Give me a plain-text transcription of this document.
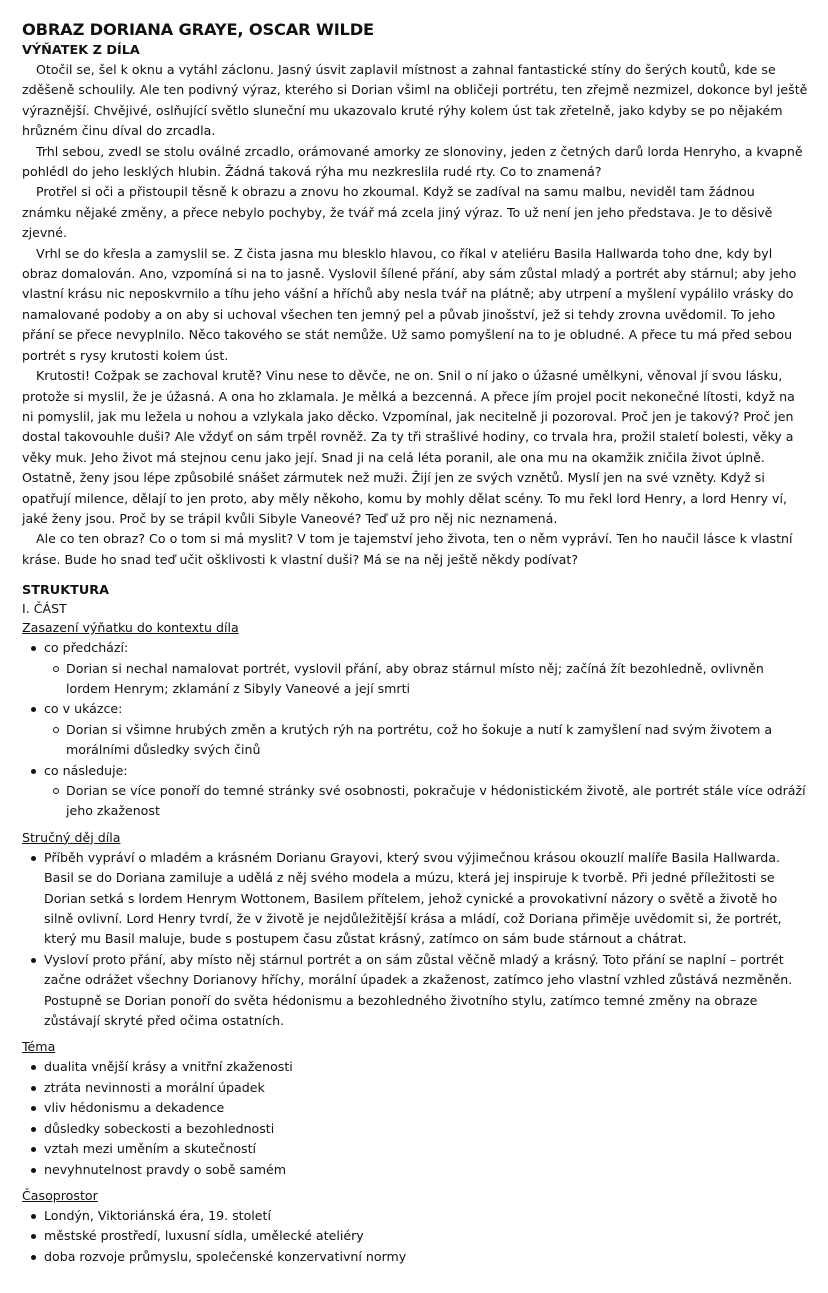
OBRAZ DORIANA GRAYE, OSCAR WILDE
VÝŇATEK Z DÍLA

Otočil se, šel k oknu a vytáhl záclonu. Jasný úsvit zaplavil místnost a zahnal fantastické stíny do šerých koutů, kde se zděšeně schoulily. Ale ten podivný výraz, kterého si Dorian všiml na obličeji portrétu, ten zřejmě nezmizel, dokonce byl ještě výraznější. Chvějivé, oslňující světlo sluneční mu ukazovalo kruté rýhy kolem úst tak zřetelně, jako kdyby se po nějakém hrůzném činu díval do zrcadla.

Trhl sebou, zvedl se stolu oválné zrcadlo, orámované amorky ze slonoviny, jeden z četných darů lorda Henryho, a kvapně pohlédl do jeho lesklých hlubin. Žádná taková rýha mu nezkreslila rudé rty. Co to znamená?

Protřel si oči a přistoupil těsně k obrazu a znovu ho zkoumal. Když se zadíval na samu malbu, neviděl tam žádnou známku nějaké změny, a přece nebylo pochyby, že tvář má zcela jiný výraz. To už není jen jeho představa. Je to děsivě zjevné.

Vrhl se do křesla a zamyslil se. Z čista jasna mu blesklo hlavou, co říkal v ateliéru Basila Hallwarda toho dne, kdy byl obraz domalován. Ano, vzpomíná si na to jasně. Vyslovil šílené přání, aby sám zůstal mladý a portrét aby stárnul; aby jeho vlastní krásu nic neposkvrnilo a tíhu jeho vášní a hříchů aby nesla tvář na plátně; aby utrpení a myšlení vypálilo vrásky do namalované podoby a on aby si uchoval všechen ten jemný pel a půvab jinošství, jež si tehdy zrovna uvědomil. To jeho přání se přece nevyplnilo. Něco takového se stát nemůže. Už samo pomyšlení na to je obludné. A přece tu má před sebou portrét s rysy krutosti kolem úst.

Krutosti! Cožpak se zachoval krutě? Vinu nese to děvče, ne on. Snil o ní jako o úžasné umělkyni, věnoval jí svou lásku, protože si myslil, že je úžasná. A ona ho zklamala. Je mělká a bezcenná. A přece jím projel pocit nekonečné lítosti, když na ni pomyslil, jak mu ležela u nohou a vzlykala jako děcko. Vzpomínal, jak necitelně ji pozoroval. Proč jen je takový? Proč jen dostal takovouhle duši? Ale vždyť on sám trpěl rovněž. Za ty tři strašlivé hodiny, co trvala hra, prožil staletí bolesti, věky a věky muk. Jeho život má stejnou cenu jako její. Snad ji na celá léta poranil, ale ona mu na okamžik zničila život úplně. Ostatně, ženy jsou lépe způsobilé snášet zármutek než muži. Žijí jen ze svých vznětů. Myslí jen na své vzněty. Když si opatřují milence, dělají to jen proto, aby měly někoho, komu by mohly dělat scény. To mu řekl lord Henry, a lord Henry ví, jaké ženy jsou. Proč by se trápil kvůli Sibyle Vaneové? Teď už pro něj nic neznamená.

Ale co ten obraz? Co o tom si má myslit? V tom je tajemství jeho života, ten o něm vypráví. Ten ho naučil lásce k vlastní kráse. Bude ho snad teď učit ošklivosti k vlastní duši? Má se na něj ještě někdy podívat?

STRUKTURA
I. ČÁST
Zasazení výňatku do kontextu díla
co předchází:
Dorian si nechal namalovat portrét, vyslovil přání, aby obraz stárnul místo něj; začíná žít bezohledně, ovlivněn lordem Henrym; zklamání z Sibyly Vaneové a její smrti
co v ukázce:
Dorian si všimne hrubých změn a krutých rýh na portrétu, což ho šokuje a nutí k zamyšlení nad svým životem a morálními důsledky svých činů
co následuje:
Dorian se více ponoří do temné stránky své osobnosti, pokračuje v hédonistickém životě, ale portrét stále více odráží jeho zkaženost
Stručný děj díla
Příběh vypráví o mladém a krásném Dorianu Grayovi, který svou výjimečnou krásou okouzlí malíře Basila Hallwarda. Basil se do Doriana zamiluje a udělá z něj svého modela a múzu, která jej inspiruje k tvorbě. Při jedné příležitosti se Dorian setká s lordem Henrym Wottonem, Basilem přítelem, jehož cynické a provokativní názory o světě a životě ho silně ovlivní. Lord Henry tvrdí, že v životě je nejdůležitější krása a mládí, což Doriana přiměje uvědomit si, že portrét, který mu Basil maluje, bude s postupem času zůstat krásný, zatímco on sám bude stárnout a chátrat.
Vysloví proto přání, aby místo něj stárnul portrét a on sám zůstal věčně mladý a krásný. Toto přání se naplní – portrét začne odrážet všechny Dorianovy hříchy, morální úpadek a zkaženost, zatímco jeho vlastní vzhled zůstává nezměněn. Postupně se Dorian ponoří do světa hédonismu a bezohledného životního stylu, zatímco temné změny na obraze zůstávají skryté před očima ostatních.
Téma
dualita vnější krásy a vnitřní zkaženosti
ztráta nevinnosti a morální úpadek
vliv hédonismu a dekadence
důsledky sobeckosti a bezohlednosti
vztah mezi uměním a skutečností
nevyhnutelnost pravdy o sobě samém
Časoprostor
Londýn, Viktoriánská éra, 19. století
městské prostředí, luxusní sídla, umělecké ateliéry
doba rozvoje průmyslu, společenské konzervativní normy
